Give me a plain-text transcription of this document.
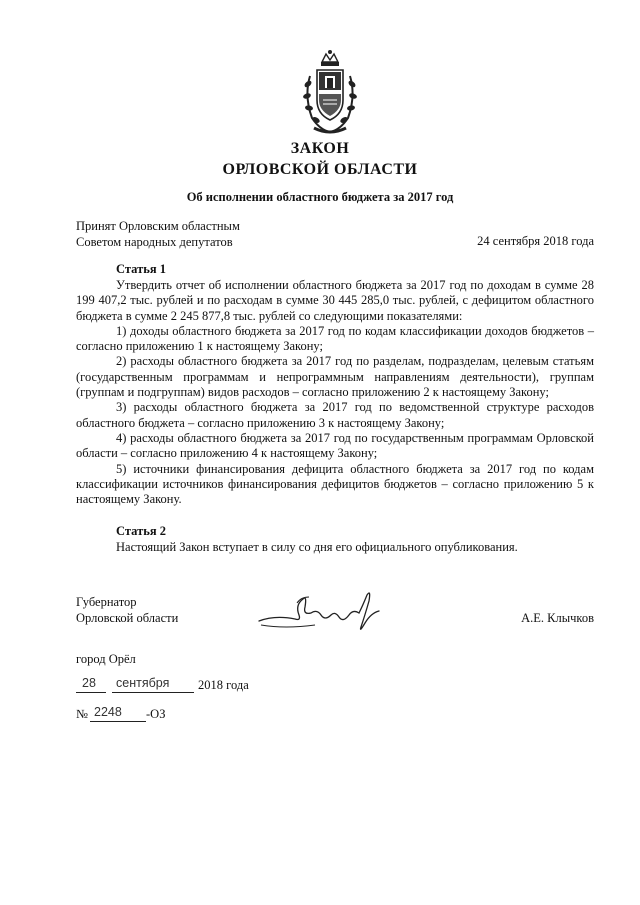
ЗАКОН
ОРЛОВСКОЙ ОБЛАСТИ
Об исполнении областного бюджета за 2017 год
Принят Орловским областным
Советом народных депутатов	24 сентября 2018 года
Статья 1

Утвердить отчет об исполнении областного бюджета за 2017 год по доходам в сумме 28 199 407,2 тыс. рублей и по расходам в сумме 30 445 285,0 тыс. рублей, с дефицитом областного бюджета в сумме 2 245 877,8 тыс. рублей со следующими показателями:

1) доходы областного бюджета за 2017 год по кодам классификации доходов бюджетов – согласно приложению 1 к настоящему Закону;

2) расходы областного бюджета за 2017 год по разделам, подразделам, целевым статьям (государственным программам и непрограммным направлениям деятельности), группам (группам и подгруппам) видов расходов – согласно приложению 2 к настоящему Закону;

3) расходы областного бюджета за 2017 год по ведомственной структуре расходов областного бюджета – согласно приложению 3 к настоящему Закону;

4) расходы областного бюджета за 2017 год по государственным программам Орловской области – согласно приложению 4 к настоящему Закону;

5) источники финансирования дефицита областного бюджета за 2017 год по кодам классификации источников финансирования дефицитов бюджетов – согласно приложению 5 к настоящему Закону.

Статья 2

Настоящий Закон вступает в силу со дня его официального опубликования.

Губернатор
Орловской области	А.Е. Клычков
город Орёл
28 сентября 2018 года
№ 2248 -ОЗ
